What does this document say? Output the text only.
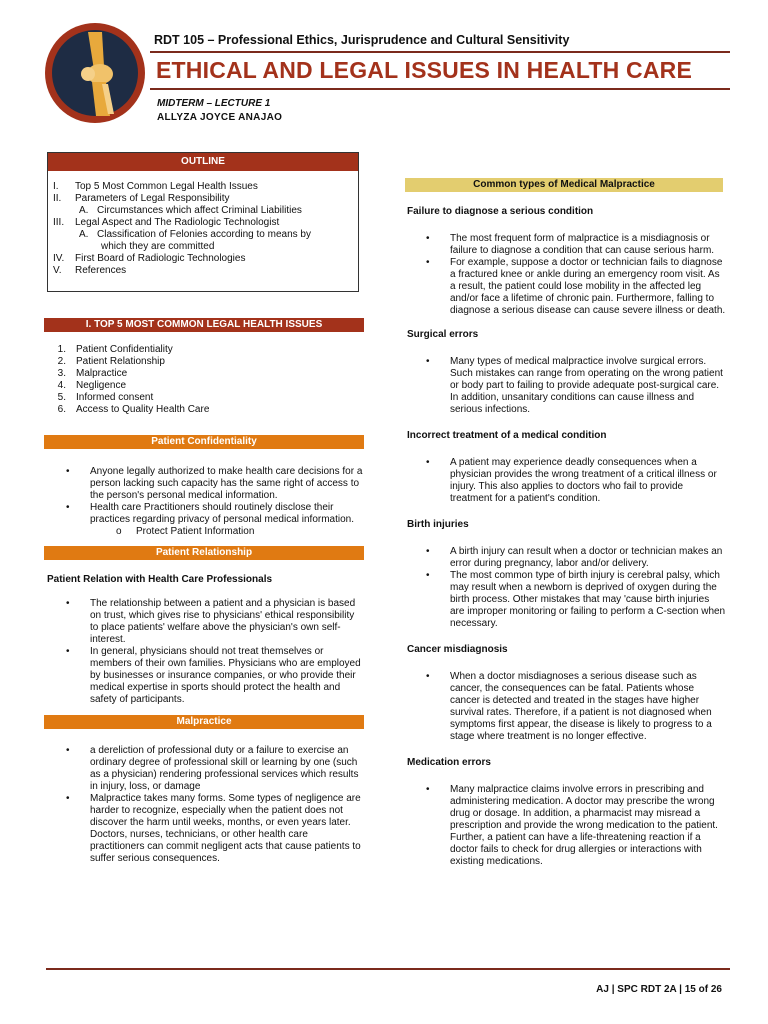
RDT 105 – Professional Ethics, Jurisprudence and Cultural Sensitivity
ETHICAL AND LEGAL ISSUES IN HEALTH CARE
MIDTERM – LECTURE 1
ALLYZA JOYCE ANAJAO
OUTLINE
I.	Top 5 Most Common Legal Health Issues
II.	Parameters of Legal Responsibility
A. Circumstances which affect Criminal Liabilities
III.	Legal Aspect and The Radiologic Technologist
A. Classification of Felonies according to means by
which they are committed
IV.	First Board of Radiologic Technologies
V.	References
I. TOP 5 MOST COMMON LEGAL HEALTH ISSUES
1.	Patient Confidentiality
2.	Patient Relationship
3.	Malpractice
4.	Negligence
5.	Informed consent
6.	Access to Quality Health Care
Patient Confidentiality
• Anyone legally authorized to make health care decisions for a person lacking such capacity has the same right of access to the person's personal medical information.
• Health care Practitioners should routinely disclose their practices regarding privacy of personal medical information.
o Protect Patient Information
Patient Relationship
Patient Relation with Health Care Professionals
• The relationship between a patient and a physician is based on trust, which gives rise to physicians' ethical responsibility to place patients' welfare above the physician's own self-interest.
• In general, physicians should not treat themselves or members of their own families. Physicians who are employed by businesses or insurance companies, or who provide their medical expertise in sports should protect the health and safety of participants.
Malpractice
• a dereliction of professional duty or a failure to exercise an ordinary degree of professional skill or learning by one (such as a physician) rendering professional services which results in injury, loss, or damage
• Malpractice takes many forms. Some types of negligence are harder to recognize, especially when the patient does not discover the harm until weeks, months, or even years later. Doctors, nurses, technicians, or other health care practitioners can commit negligent acts that cause patients to suffer serious consequences.
Common types of Medical Malpractice
Failure to diagnose a serious condition
• The most frequent form of malpractice is a misdiagnosis or failure to diagnose a condition that can cause serious harm.
• For example, suppose a doctor or technician fails to diagnose a fractured knee or ankle during an emergency room visit. As a result, the patient could lose mobility in the affected leg and/or face a lifetime of chronic pain. Furthermore, falling to diagnose a serious disease can cause severe illness or death.
Surgical errors
• Many types of medical malpractice involve surgical errors. Such mistakes can range from operating on the wrong patient or body part to failing to provide adequate post-surgical care. In addition, unsanitary conditions can cause illness and serious infections.
Incorrect treatment of a medical condition
• A patient may experience deadly consequences when a physician provides the wrong treatment of a critical illness or injury. This also applies to doctors who fail to provide treatment for a patient's condition.
Birth injuries
• A birth injury can result when a doctor or technician makes an error during pregnancy, labor and/or delivery.
• The most common type of birth injury is cerebral palsy, which may result when a newborn is deprived of oxygen during the birth process. Other mistakes that may 'cause birth injuries are improper monitoring or failing to perform a C-section when necessary.
Cancer misdiagnosis
• When a doctor misdiagnoses a serious disease such as cancer, the consequences can be fatal. Patients whose cancer is detected and treated in the stages have higher survival rates. Therefore, if a patient is not diagnosed when symptoms first appear, the disease is likely to progress to a stage where treatment is no longer effective.
Medication errors
• Many malpractice claims involve errors in prescribing and administering medication. A doctor may prescribe the wrong drug or dosage. In addition, a pharmacist may misread a prescription and provide the wrong medication to the patient. Further, a patient can have a life-threatening reaction if a doctor fails to check for drug allergies or interactions with existing medications.
AJ | SPC RDT 2A | 15 of 26
